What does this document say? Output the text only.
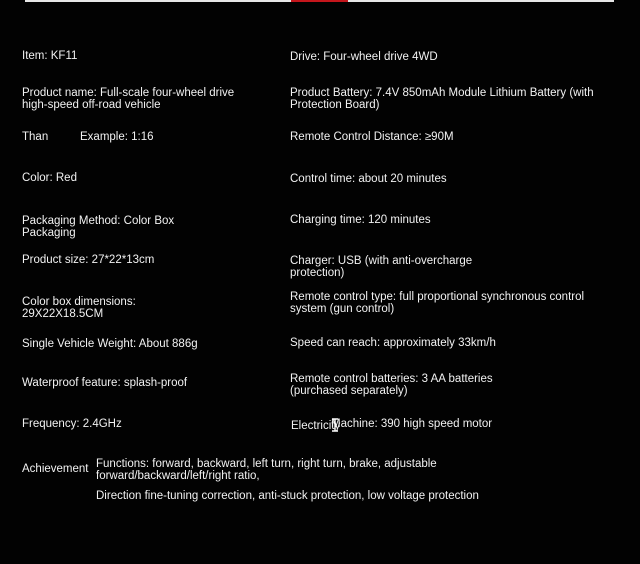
Item: KF11

Product name: Full-scale four-wheel drive

high-speed off-road vehicle

Than	Example: 1:16

Color: Red

Packaging Method: Color Box

Packaging

Product size: 27*22*13cm

Color box dimensions:

29X22X18.5CM

Single Vehicle Weight: About 886g

Waterproof feature: splash-proof

Frequency: 2.4GHz

Drive: Four-wheel drive 4WD

Product Battery: 7.4V 850mAh Module Lithium Battery (with

Protection Board)

Remote Control Distance: ≥90M

Control time: about 20 minutes

Charging time: 120 minutes

Charger: USB (with anti-overcharge

protection)

Remote control type: full proportional synchronous control

system (gun control)

Speed can reach: approximately 33km/h

Remote control batteries: 3 AA batteries

(purchased separately)

Electricity

Machine: 390 high speed motor

Achievement Functions: forward, backward, left turn, right turn, brake, adjustable

forward/backward/left/right ratio,

Direction fine-tuning correction, anti-stuck protection, low voltage protection
